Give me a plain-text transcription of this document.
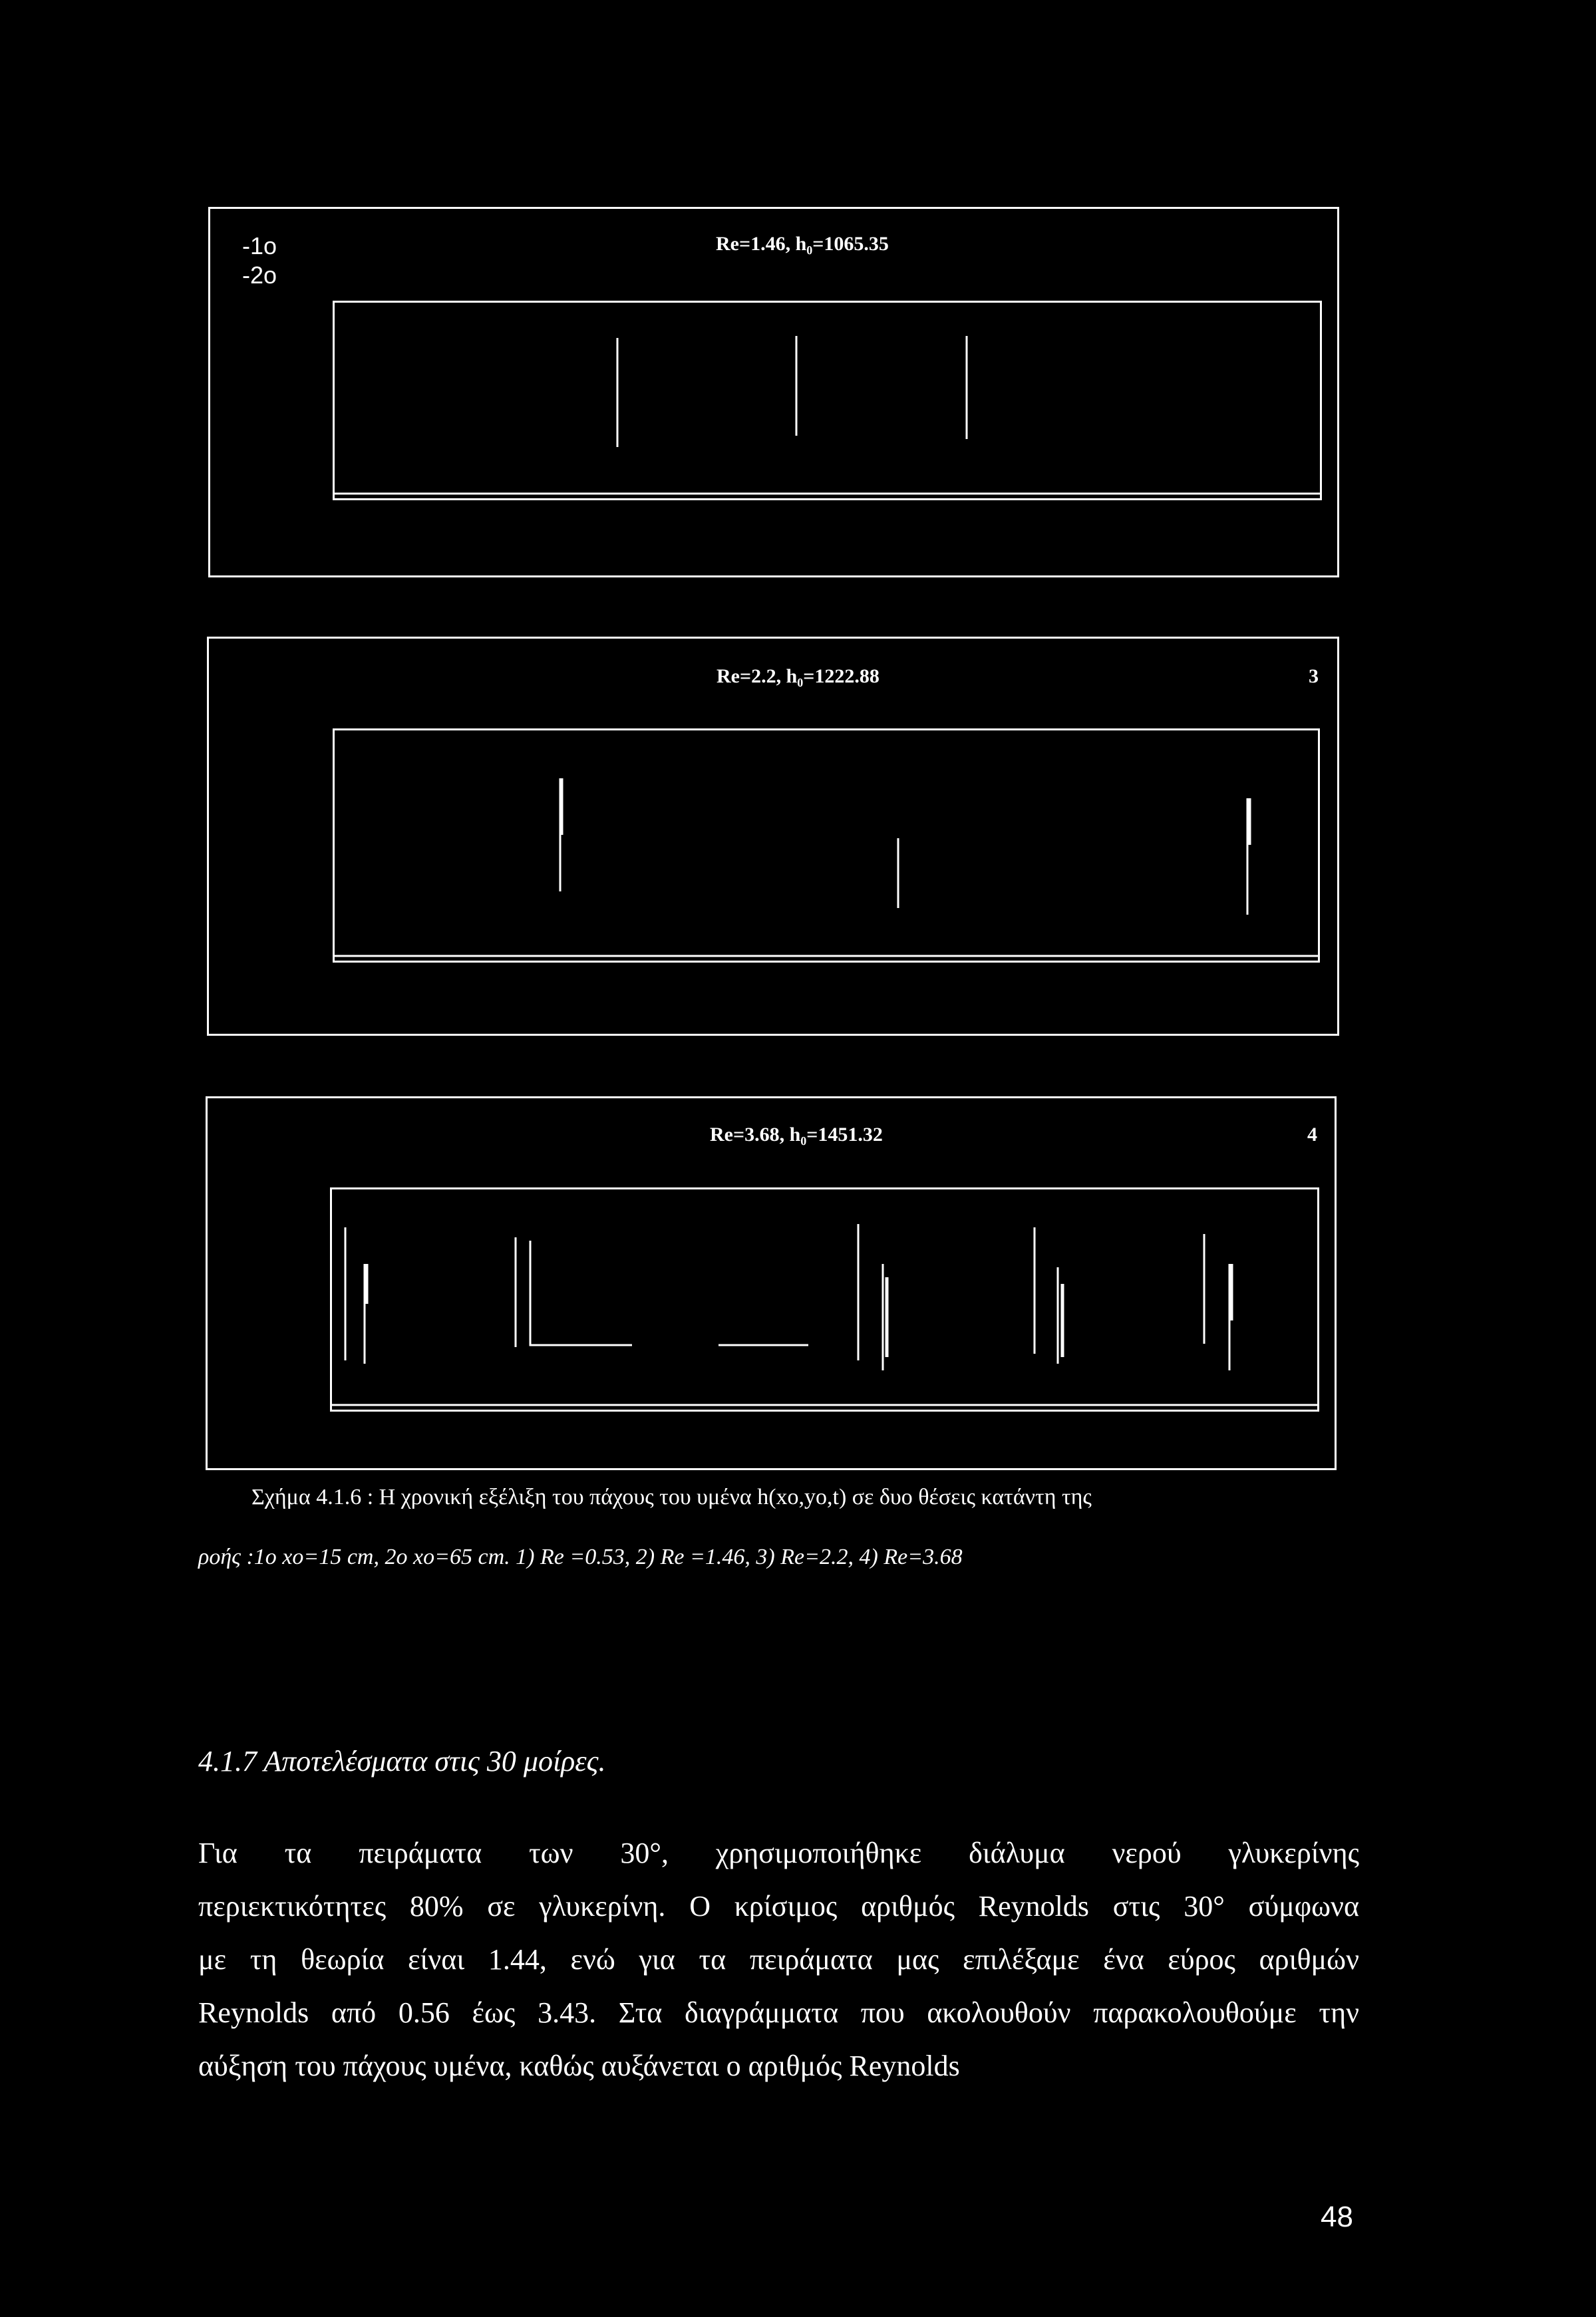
-1o
-2o
Re=1.46, h₀=1065.35
Re=2.2, h₀=1222.88	3
Re=3.68, h₀=1451.32	4
Σχήμα 4.1.6 : Η χρονική εξέλιξη του πάχους του υμένα h(xo,yo,t) σε δυο θέσεις κατάντη της
ροής :1o xo=15 cm, 2o xo=65 cm. 1) Re =0.53, 2) Re =1.46, 3) Re=2.2, 4) Re=3.68
4.1.7 Αποτελέσματα στις 30 μοίρες.
Για τα πειράματα των 30°, χρησιμοποιήθηκε διάλυμα νερού γλυκερίνης
περιεκτικότητες 80% σε γλυκερίνη. Ο κρίσιμος αριθμός Reynolds στις 30° σύμφωνα
με τη θεωρία είναι 1.44, ενώ για τα πειράματα μας επιλέξαμε ένα εύρος αριθμών
Reynolds από 0.56 έως 3.43. Στα διαγράμματα που ακολουθούν παρακολουθούμε την
αύξηση του πάχους υμένα, καθώς αυξάνεται ο αριθμός Reynolds
48
